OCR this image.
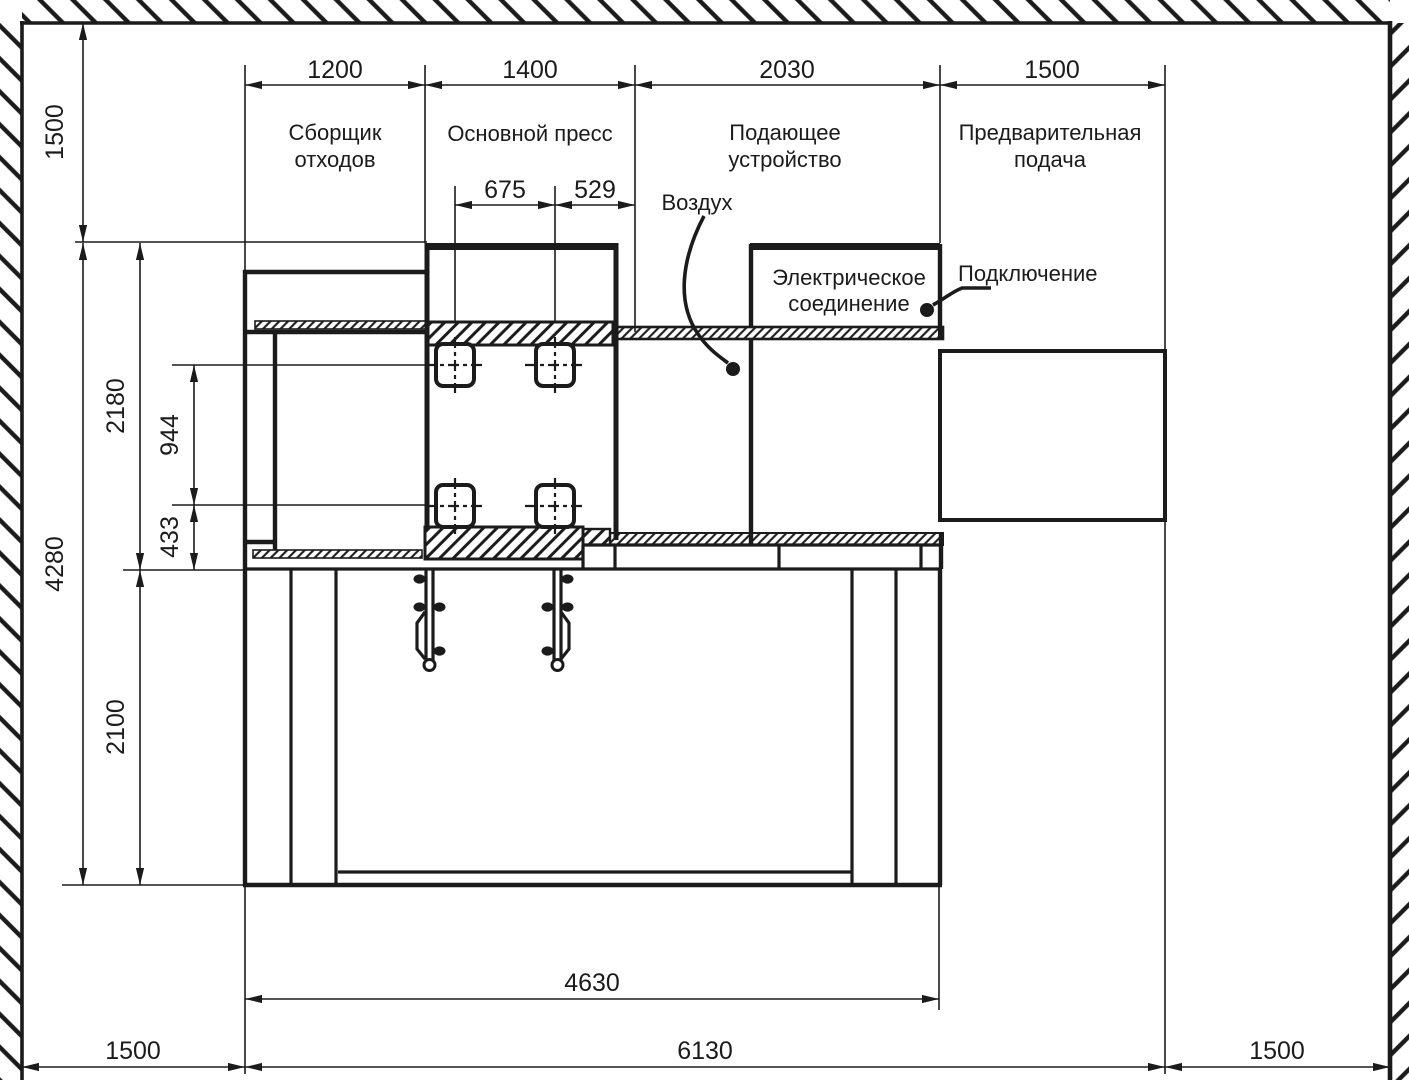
1200	1400	2030	1500
Сборщик
отходов
Основной пресс	Подающее
устройство
Предварительная
подача
675 529 Воздух
Электрическое
соединение
1500
4280
2180
2100
944
433
4630
1500	6130	1500
Подключение
